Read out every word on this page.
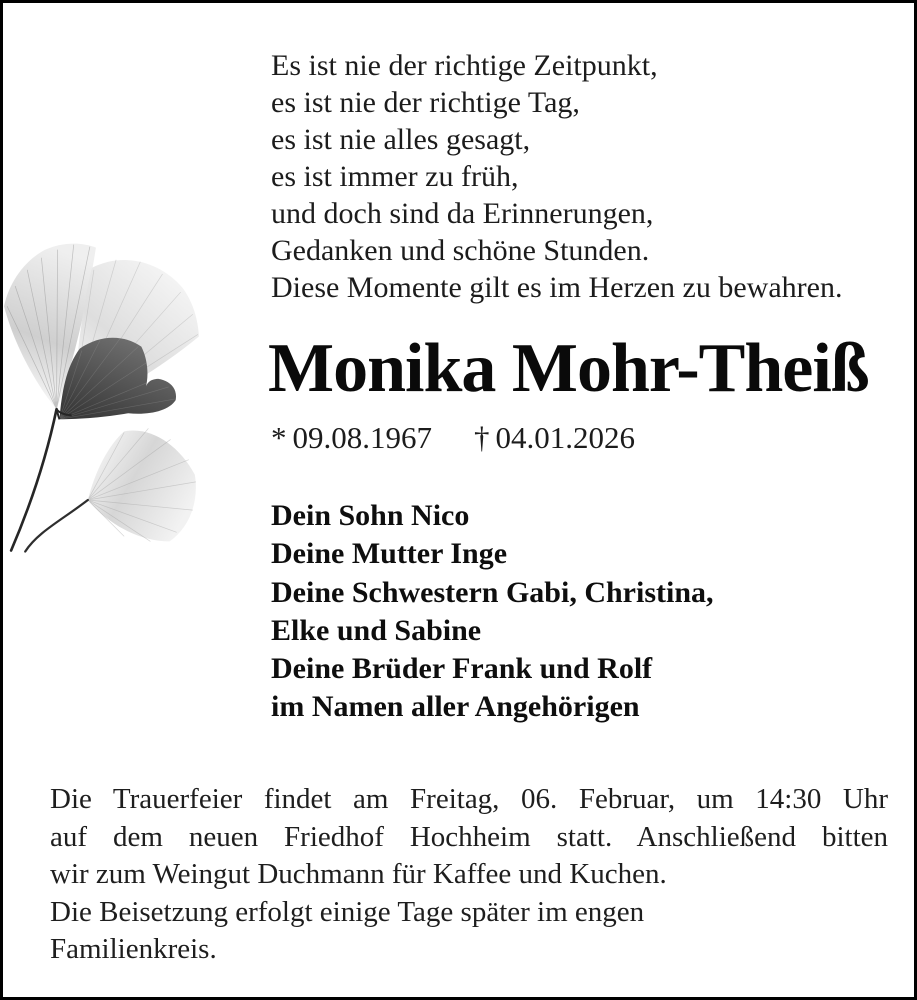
Es ist nie der richtige Zeitpunkt,
es ist nie der richtige Tag,
es ist nie alles gesagt,
es ist immer zu früh,
und doch sind da Erinnerungen,
Gedanken und schöne Stunden.
Diese Momente gilt es im Herzen zu bewahren.
Monika Mohr-Theiß
* 09.08.1967 † 04.01.2026
Dein Sohn Nico
Deine Mutter Inge
Deine Schwestern Gabi, Christina,
Elke und Sabine
Deine Brüder Frank und Rolf
im Namen aller Angehörigen
Die Trauerfeier findet am Freitag, 06. Februar, um 14:30 Uhr
auf dem neuen Friedhof Hochheim statt. Anschließend bitten
wir zum Weingut Duchmann für Kaffee und Kuchen.
Die Beisetzung erfolgt einige Tage später im engen
Familienkreis.
